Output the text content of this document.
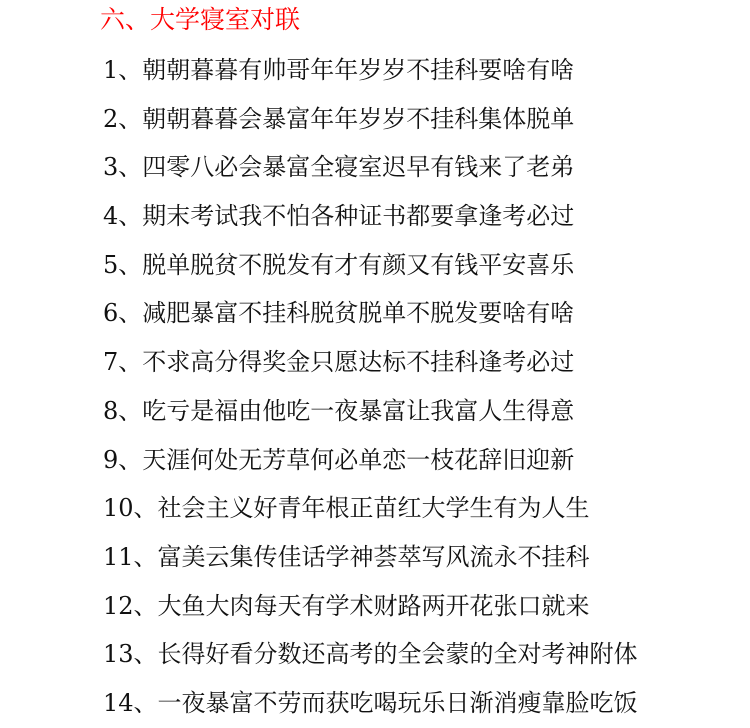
六、大学寝室对联
1、朝朝暮暮有帅哥年年岁岁不挂科要啥有啥
2、朝朝暮暮会暴富年年岁岁不挂科集体脱单
3、四零八必会暴富全寝室迟早有钱来了老弟
4、期末考试我不怕各种证书都要拿逢考必过
5、脱单脱贫不脱发有才有颜又有钱平安喜乐
6、减肥暴富不挂科脱贫脱单不脱发要啥有啥
7、不求高分得奖金只愿达标不挂科逢考必过
8、吃亏是福由他吃一夜暴富让我富人生得意
9、天涯何处无芳草何必单恋一枝花辞旧迎新
10、社会主义好青年根正苗红大学生有为人生
11、富美云集传佳话学神荟萃写风流永不挂科
12、大鱼大肉每天有学术财路两开花张口就来
13、长得好看分数还高考的全会蒙的全对考神附体
14、一夜暴富不劳而获吃喝玩乐日渐消瘦靠脸吃饭
